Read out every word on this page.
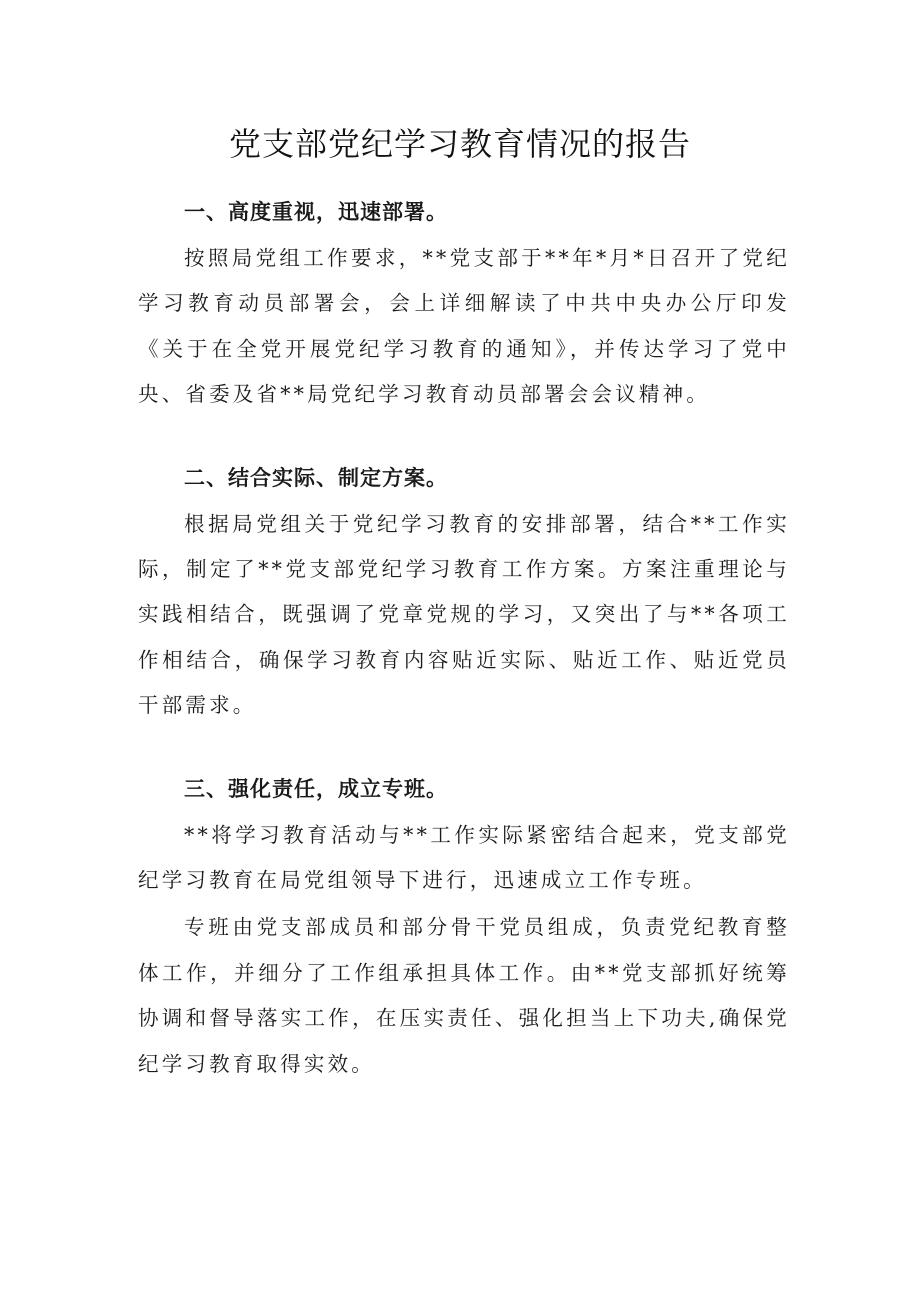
党支部党纪学习教育情况的报告
一、高度重视，迅速部署。

按照局党组工作要求，**党支部于**年*月*日召开了党纪学习教育动员部署会，会上详细解读了中共中央办公厅印发《关于在全党开展党纪学习教育的通知》，并传达学习了党中央、省委及省**局党纪学习教育动员部署会会议精神。

二、结合实际、制定方案。

根据局党组关于党纪学习教育的安排部署，结合**工作实际，制定了**党支部党纪学习教育工作方案。方案注重理论与实践相结合，既强调了党章党规的学习，又突出了与**各项工作相结合，确保学习教育内容贴近实际、贴近工作、贴近党员干部需求。

三、强化责任，成立专班。

**将学习教育活动与**工作实际紧密结合起来，党支部党纪学习教育在局党组领导下进行，迅速成立工作专班。

专班由党支部成员和部分骨干党员组成，负责党纪教育整体工作，并细分了工作组承担具体工作。由**党支部抓好统筹协调和督导落实工作，在压实责任、强化担当上下功夫,确保党纪学习教育取得实效。
